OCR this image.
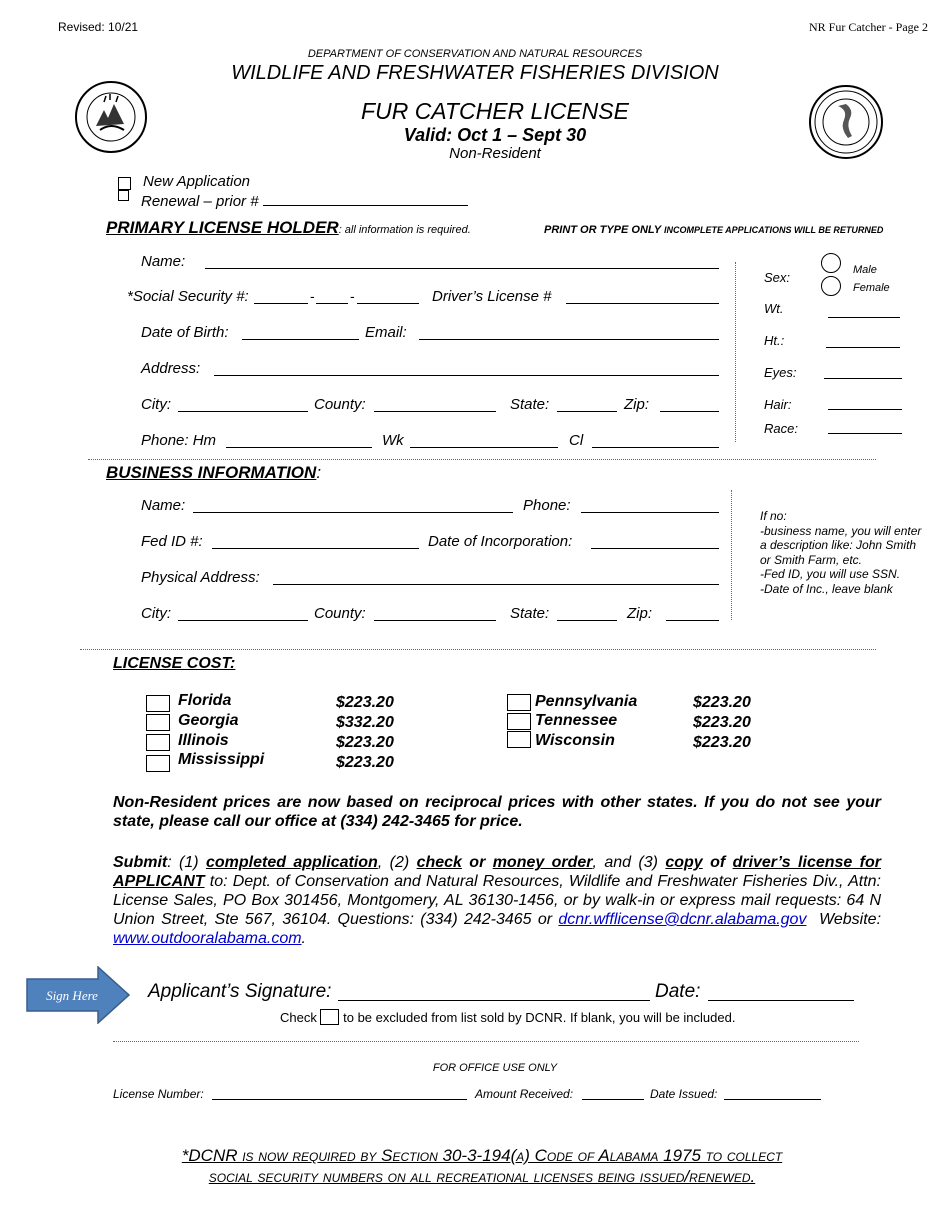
Revised: 10/21	NR Fur Catcher - Page 2
DEPARTMENT OF CONSERVATION AND NATURAL RESOURCES
WILDLIFE AND FRESHWATER FISHERIES DIVISION
FUR CATCHER LICENSE
Valid: Oct 1 – Sept 30
Non-Resident
New Application
Renewal – prior #
PRIMARY LICENSE HOLDER: all information is required.	PRINT OR TYPE ONLY INCOMPLETE APPLICATIONS WILL BE RETURNED
Name:
*Social Security #:	-	-	Driver’s License #
Date of Birth:	Email:
Address:
City:	County:	State:	Zip:
Phone: Hm	Wk	Cl
Sex:	Male
Female
Wt.
Ht.:
Eyes:
Hair:
Race:
BUSINESS INFORMATION:
Name:	Phone:
Fed ID #:	Date of Incorporation:
Physical Address:
City:	County:	State:	Zip:
If no:
-business name, you will enter
a description like: John Smith
or Smith Farm, etc.
-Fed ID, you will use SSN.
-Date of Inc., leave blank
LICENSE COST:
Florida	$223.20
Georgia	$332.20
Illinois	$223.20
Mississippi	$223.20
Pennsylvania	$223.20
Tennessee	$223.20
Wisconsin	$223.20
Non-Resident prices are now based on reciprocal prices with other states. If you do not see your state, please call our office at (334) 242-3465 for price.
Submit: (1) completed application, (2) check or money order, and (3) copy of driver’s license for APPLICANT to: Dept. of Conservation and Natural Resources, Wildlife and Freshwater Fisheries Div., Attn: License Sales, PO Box 301456, Montgomery, AL 36130-1456, or by walk-in or express mail requests: 64 N Union Street, Ste 567, 36104. Questions: (334) 242-3465 or dcnr.wfflicense@dcnr.alabama.gov Website: www.outdooralabama.com.
Sign Here	Applicant’s Signature:	Date:
Check to be excluded from list sold by DCNR. If blank, you will be included.
FOR OFFICE USE ONLY
License Number:	Amount Received:	Date Issued:
*DCNR is now required by Section 30-3-194(a) Code of Alabama 1975 to collect
social security numbers on all recreational licenses being issued/renewed.
